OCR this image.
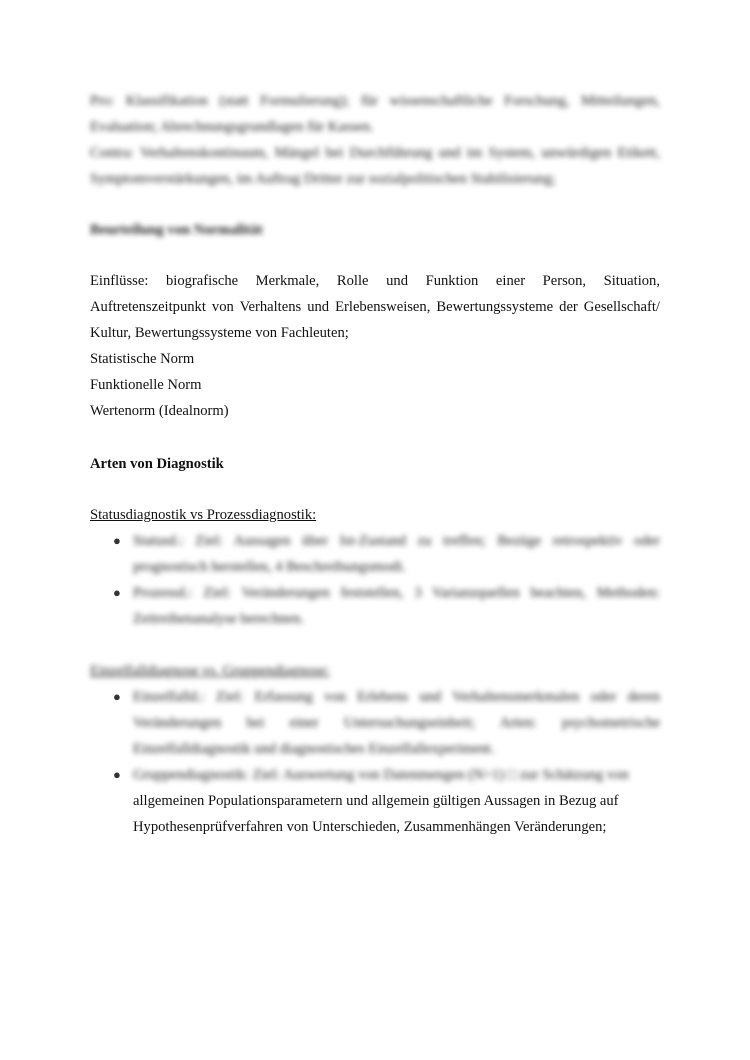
Pro: Klassifikation (statt Formulierung); für wissenschaftliche Forschung, Mitteilungen, Evaluation; Abrechnungsgrundlagen für Kassen.
Contra: Verhaltenskontinuum, Mängel bei Durchführung und im System, unwürdigen Etikett, Symptomverstärkungen, im Auftrag Dritter zur sozialpolitischen Stabilisierung;
Beurteilung von Normalität
Einflüsse: biografische Merkmale, Rolle und Funktion einer Person, Situation, Auftretenszeitpunkt von Verhaltens und Erlebensweisen, Bewertungssysteme der Gesellschaft/ Kultur, Bewertungssysteme von Fachleuten;
Statistische Norm
Funktionelle Norm
Wertenorm (Idealnorm)
Arten von Diagnostik
Statusdiagnostik vs Prozessdiagnostik:
● Statusd.: Ziel: Aussagen über Ist-Zustand zu treffen; Bezüge retrospektiv oder prognostisch herstellen, 4 Beschreibungsmodi.
● Prozessd.: Ziel: Veränderungen feststellen, 3 Varianzquellen beachten, Methoden: Zeitreihenanalyse berechnen.
Einzelfalldiagnose vs. Gruppendiagnose:
● Einzelfalld.: Ziel: Erfassung von Erlebens und Verhaltensmerkmalen oder deren Veränderungen bei einer Untersuchungseinheit; Arten: psychometrische Einzelfalldiagnostik und diagnostisches Einzelfallexperiment.
● Gruppendiagnostik: Ziel: Auswertung von Datenmengen (N>1) □ zur Schätzung von
allgemeinen Populationsparametern und allgemein gültigen Aussagen in Bezug auf
Hypothesenprüfverfahren von Unterschieden, Zusammenhängen Veränderungen;
